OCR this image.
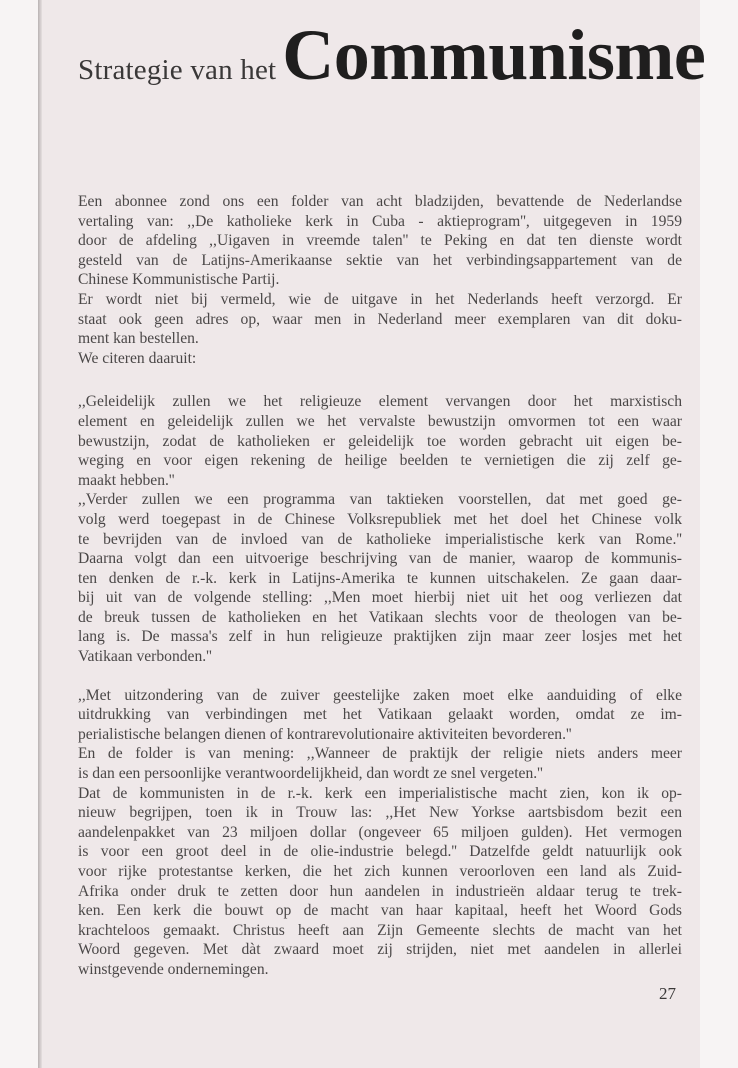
Strategie van hetCommunisme
Een abonnee zond ons een folder van acht bladzijden, bevattende de Nederlandse
vertaling van: ,,De katholieke kerk in Cuba - aktieprogram'', uitgegeven in 1959
door de afdeling ,,Uigaven in vreemde talen'' te Peking en dat ten dienste wordt
gesteld van de Latijns-Amerikaanse sektie van het verbindingsappartement van de
Chinese Kommunistische Partij.
Er wordt niet bij vermeld, wie de uitgave in het Nederlands heeft verzorgd. Er
staat ook geen adres op, waar men in Nederland meer exemplaren van dit doku-
ment kan bestellen.
We citeren daaruit:
,,Geleidelijk zullen we het religieuze element vervangen door het marxistisch
element en geleidelijk zullen we het vervalste bewustzijn omvormen tot een waar
bewustzijn, zodat de katholieken er geleidelijk toe worden gebracht uit eigen be-
weging en voor eigen rekening de heilige beelden te vernietigen die zij zelf ge-
maakt hebben.''
,,Verder zullen we een programma van taktieken voorstellen, dat met goed ge-
volg werd toegepast in de Chinese Volksrepubliek met het doel het Chinese volk
te bevrijden van de invloed van de katholieke imperialistische kerk van Rome.''
Daarna volgt dan een uitvoerige beschrijving van de manier, waarop de kommunis-
ten denken de r.-k. kerk in Latijns-Amerika te kunnen uitschakelen. Ze gaan daar-
bij uit van de volgende stelling: ,,Men moet hierbij niet uit het oog verliezen dat
de breuk tussen de katholieken en het Vatikaan slechts voor de theologen van be-
lang is. De massa's zelf in hun religieuze praktijken zijn maar zeer losjes met het
Vatikaan verbonden.''
,,Met uitzondering van de zuiver geestelijke zaken moet elke aanduiding of elke
uitdrukking van verbindingen met het Vatikaan gelaakt worden, omdat ze im-
perialistische belangen dienen of kontrarevolutionaire aktiviteiten bevorderen.''
En de folder is van mening: ,,Wanneer de praktijk der religie niets anders meer
is dan een persoonlijke verantwoordelijkheid, dan wordt ze snel vergeten.''
Dat de kommunisten in de r.-k. kerk een imperialistische macht zien, kon ik op-
nieuw begrijpen, toen ik in Trouw las: ,,Het New Yorkse aartsbisdom bezit een
aandelenpakket van 23 miljoen dollar (ongeveer 65 miljoen gulden). Het vermogen
is voor een groot deel in de olie-industrie belegd.'' Datzelfde geldt natuurlijk ook
voor rijke protestantse kerken, die het zich kunnen veroorloven een land als Zuid-
Afrika onder druk te zetten door hun aandelen in industrieën aldaar terug te trek-
ken. Een kerk die bouwt op de macht van haar kapitaal, heeft het Woord Gods
krachteloos gemaakt. Christus heeft aan Zijn Gemeente slechts de macht van het
Woord gegeven. Met dàt zwaard moet zij strijden, niet met aandelen in allerlei
winstgevende ondernemingen.
27
